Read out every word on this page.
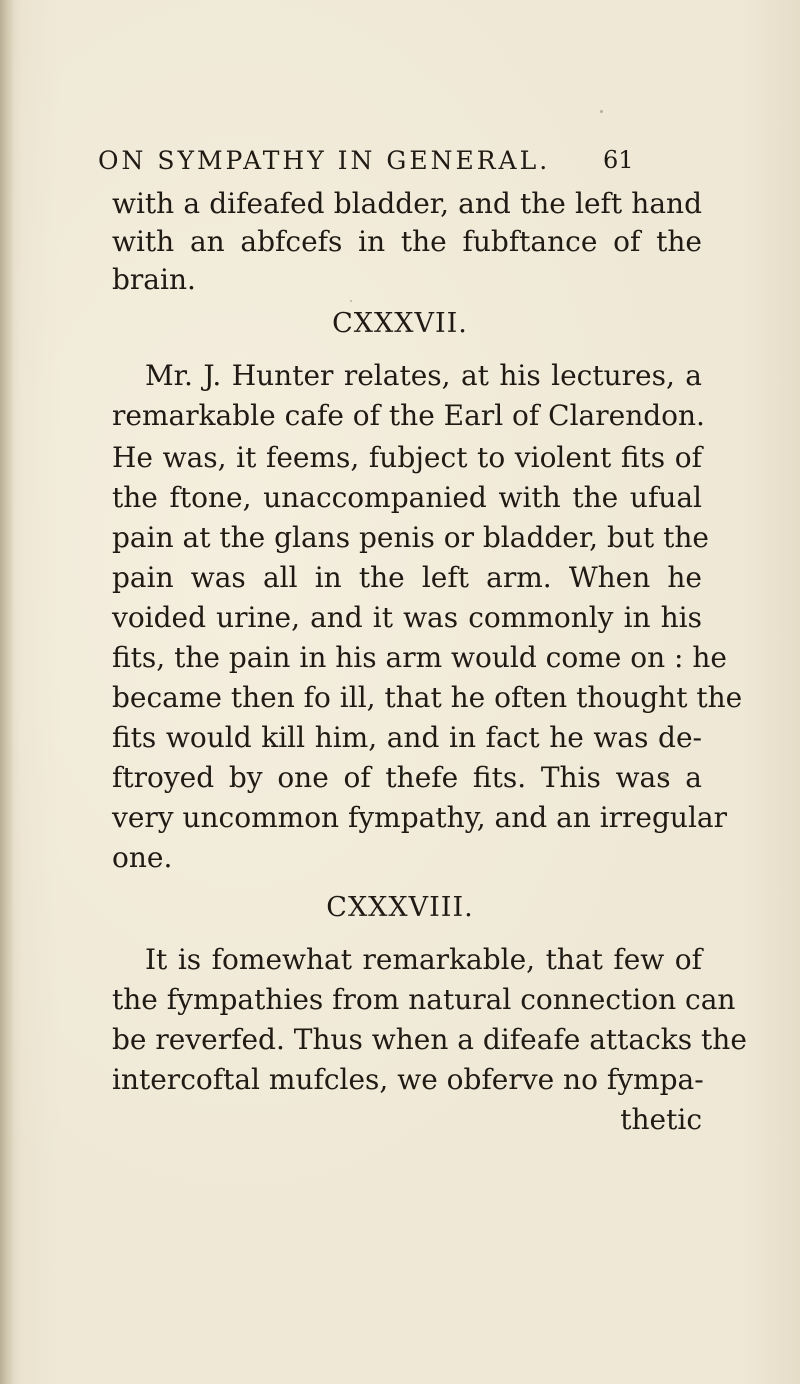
ON SYMPATHY IN GENERAL. 61
with a difeafed bladder, and the left hand
with an abfcefs in the fubftance of the
brain.
CXXXVII.
Mr. J. Hunter relates, at his lectures, a
remarkable cafe of the Earl of Clarendon.
He was, it feems, fubject to violent fits of
the ftone, unaccompanied with the ufual
pain at the glans penis or bladder, but the
pain was all in the left arm. When he
voided urine, and it was commonly in his
fits, the pain in his arm would come on : he
became then fo ill, that he often thought the
fits would kill him, and in fact he was de-
ftroyed by one of thefe fits. This was a
very uncommon fympathy, and an irregular
one.
CXXXVIII.
It is fomewhat remarkable, that few of
the fympathies from natural connection can
be reverfed. Thus when a difeafe attacks the
intercoftal mufcles, we obferve no fympa-
thetic
